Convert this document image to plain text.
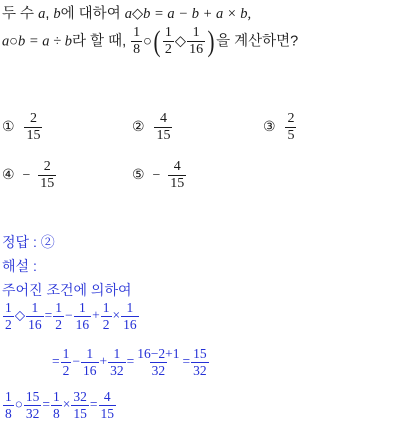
두 수 a, b에 대하여 a◇b = a − b + a × b,
a○b = a ÷ b라 할 때, $\frac{1}{8}$ ○( $\frac{1}{2}$ ◇ $\frac{1}{16}$ ) 을 계산하면?
① $\frac{2}{15}$	② $\frac{4}{15}$	③ $\frac{2}{5}$
④ − $\frac{2}{15}$	⑤ − $\frac{4}{15}$
정답 : ②
해설 :
주어진 조건에 의하여
$\frac{1}{2}$ ◇ $\frac{1}{16} = \frac{1}{2} - \frac{1}{16} + \frac{1}{2} \times \frac{1}{16}$
= $\frac{1}{2} - \frac{1}{16} + \frac{1}{32} = \frac{16-2+1}{32} = \frac{15}{32}$
$\frac{1}{8}$ ○ $\frac{15}{32} = \frac{1}{8} \times \frac{32}{15} = \frac{4}{15}$
